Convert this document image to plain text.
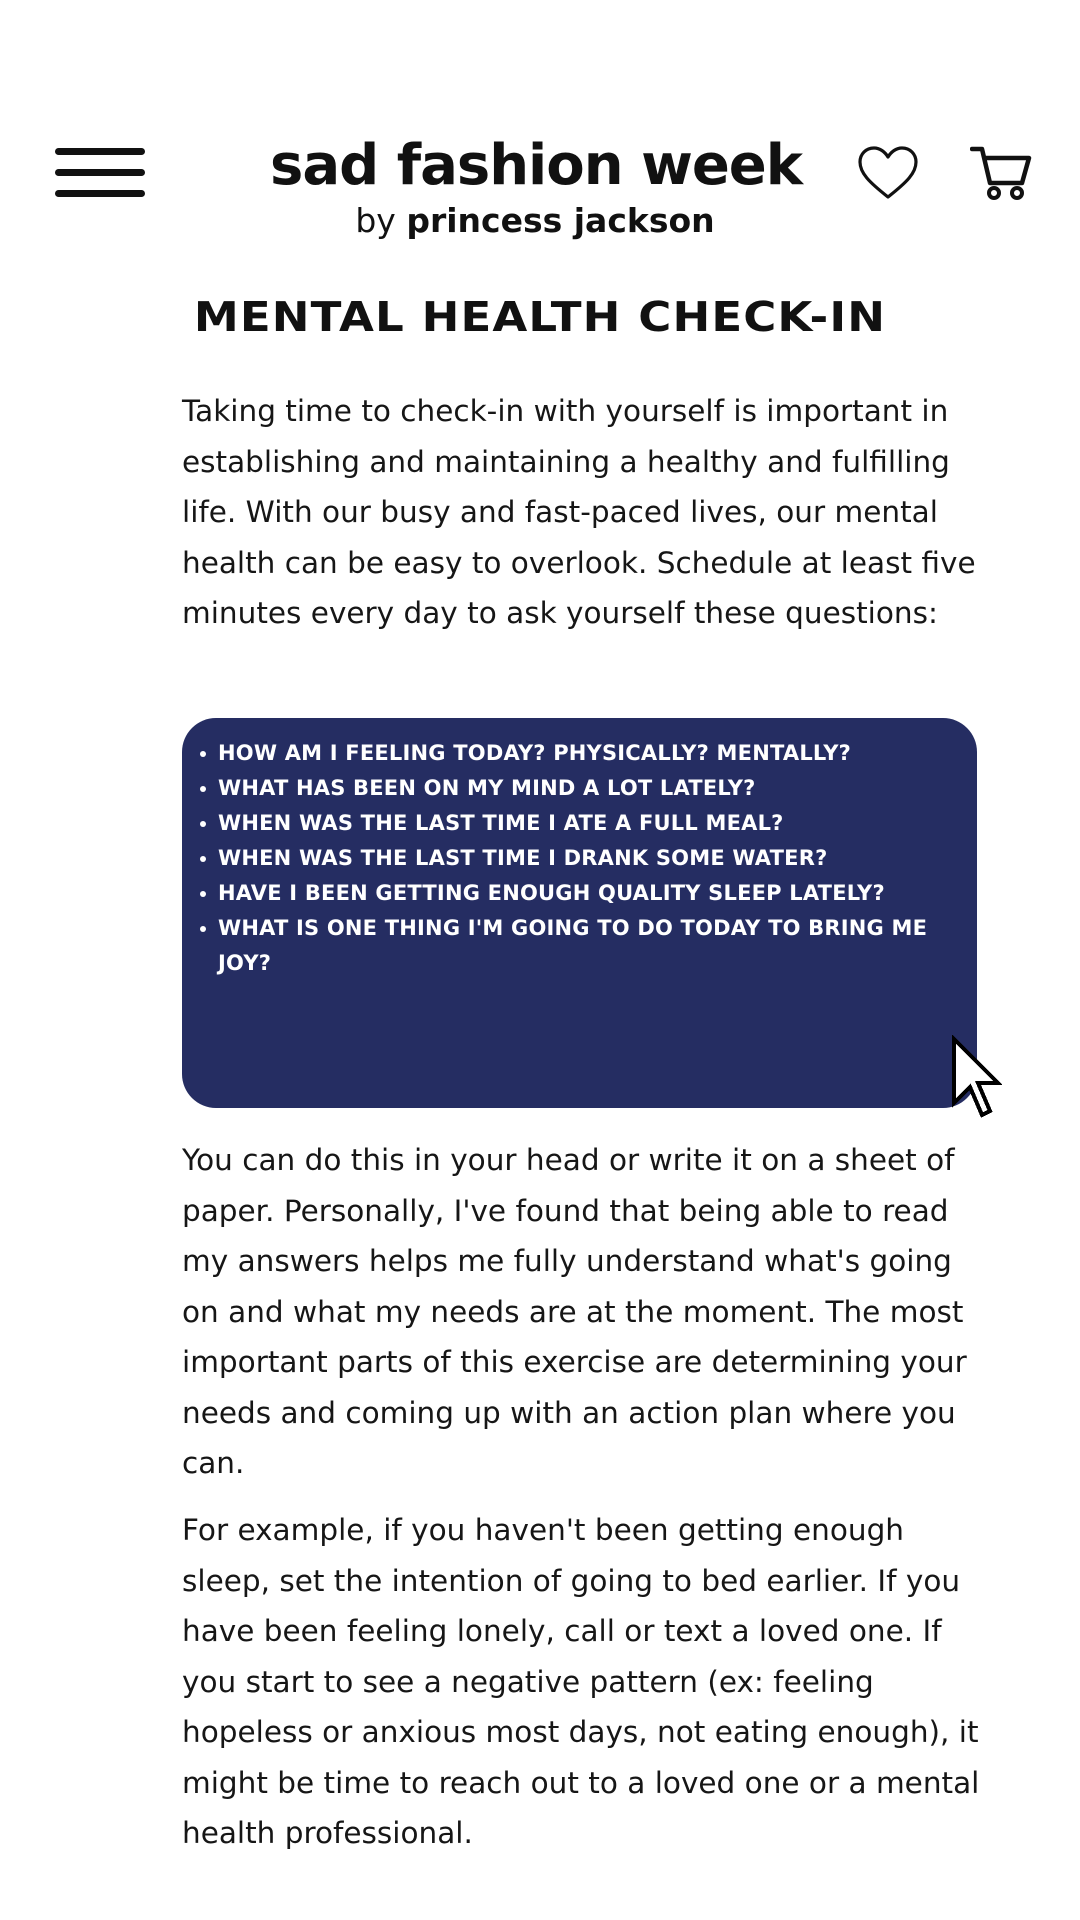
sad fashion week
by princess jackson
MENTAL HEALTH CHECK-IN

Taking time to check-in with yourself is important in establishing and maintaining a healthy and fulfilling life. With our busy and fast-paced lives, our mental health can be easy to overlook. Schedule at least five minutes every day to ask yourself these questions:

HOW AM I FEELING TODAY? PHYSICALLY? MENTALLY?
WHAT HAS BEEN ON MY MIND A LOT LATELY?
WHEN WAS THE LAST TIME I ATE A FULL MEAL?
WHEN WAS THE LAST TIME I DRANK SOME WATER?
HAVE I BEEN GETTING ENOUGH QUALITY SLEEP LATELY?
WHAT IS ONE THING I'M GOING TO DO TODAY TO BRING ME JOY?

You can do this in your head or write it on a sheet of paper. Personally, I've found that being able to read my answers helps me fully understand what's going on and what my needs are at the moment. The most important parts of this exercise are determining your needs and coming up with an action plan where you can.

For example, if you haven't been getting enough sleep, set the intention of going to bed earlier. If you have been feeling lonely, call or text a loved one. If you start to see a negative pattern (ex: feeling hopeless or anxious most days, not eating enough), it might be time to reach out to a loved one or a mental health professional.
